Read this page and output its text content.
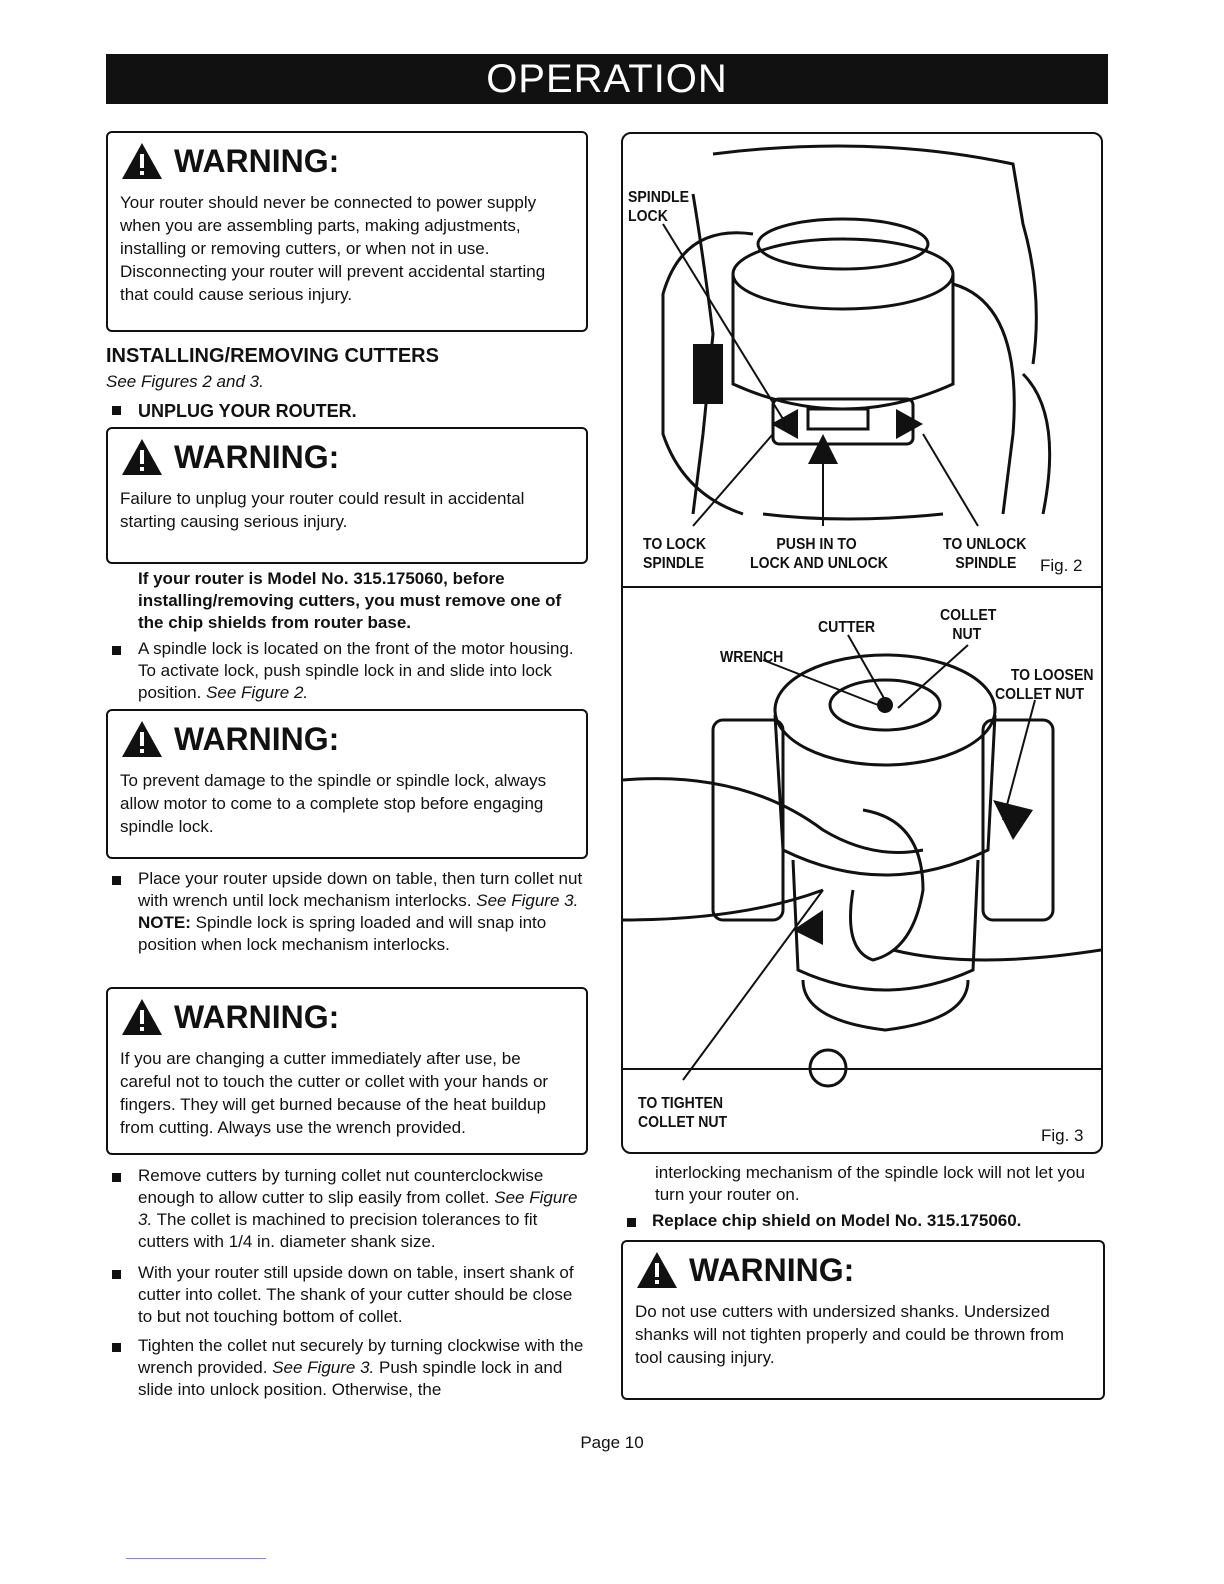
OPERATION
WARNING:
Your router should never be connected to power supply when you are assembling parts, making adjustments, installing or removing cutters, or when not in use. Disconnecting your router will prevent accidental starting that could cause serious injury.
INSTALLING/REMOVING CUTTERS
See Figures 2 and 3.
UNPLUG YOUR ROUTER.
WARNING:
Failure to unplug your router could result in accidental starting causing serious injury.
If your router is Model No. 315.175060, before installing/removing cutters, you must remove one of the chip shields from router base.
A spindle lock is located on the front of the motor housing. To activate lock, push spindle lock in and slide into lock position. See Figure 2.
WARNING:
To prevent damage to the spindle or spindle lock, always allow motor to come to a complete stop before engaging spindle lock.
Place your router upside down on table, then turn collet nut with wrench until lock mechanism interlocks. See Figure 3.
NOTE: Spindle lock is spring loaded and will snap into position when lock mechanism interlocks.
WARNING:
If you are changing a cutter immediately after use, be careful not to touch the cutter or collet with your hands or fingers. They will get burned because of the heat buildup from cutting. Always use the wrench provided.
Remove cutters by turning collet nut counterclockwise enough to allow cutter to slip easily from collet. See Figure 3. The collet is machined to precision tolerances to fit cutters with 1/4 in. diameter shank size.
With your router still upside down on table, insert shank of cutter into collet. The shank of your cutter should be close to but not touching bottom of collet.
Tighten the collet nut securely by turning clockwise with the wrench provided. See Figure 3. Push spindle lock in and slide into unlock position. Otherwise, the
SPINDLE
LOCK
TO LOCK
SPINDLE
PUSH IN TO
LOCK AND UNLOCK
TO UNLOCK
SPINDLE	Fig. 2
CUTTER
COLLET
NUT
WRENCH
TO LOOSEN
COLLET NUT
TO TIGHTEN
COLLET NUT
Fig. 3
interlocking mechanism of the spindle lock will not let you turn your router on.
Replace chip shield on Model No. 315.175060.
WARNING:
Do not use cutters with undersized shanks. Undersized shanks will not tighten properly and could be thrown from tool causing injury.
Page 10
